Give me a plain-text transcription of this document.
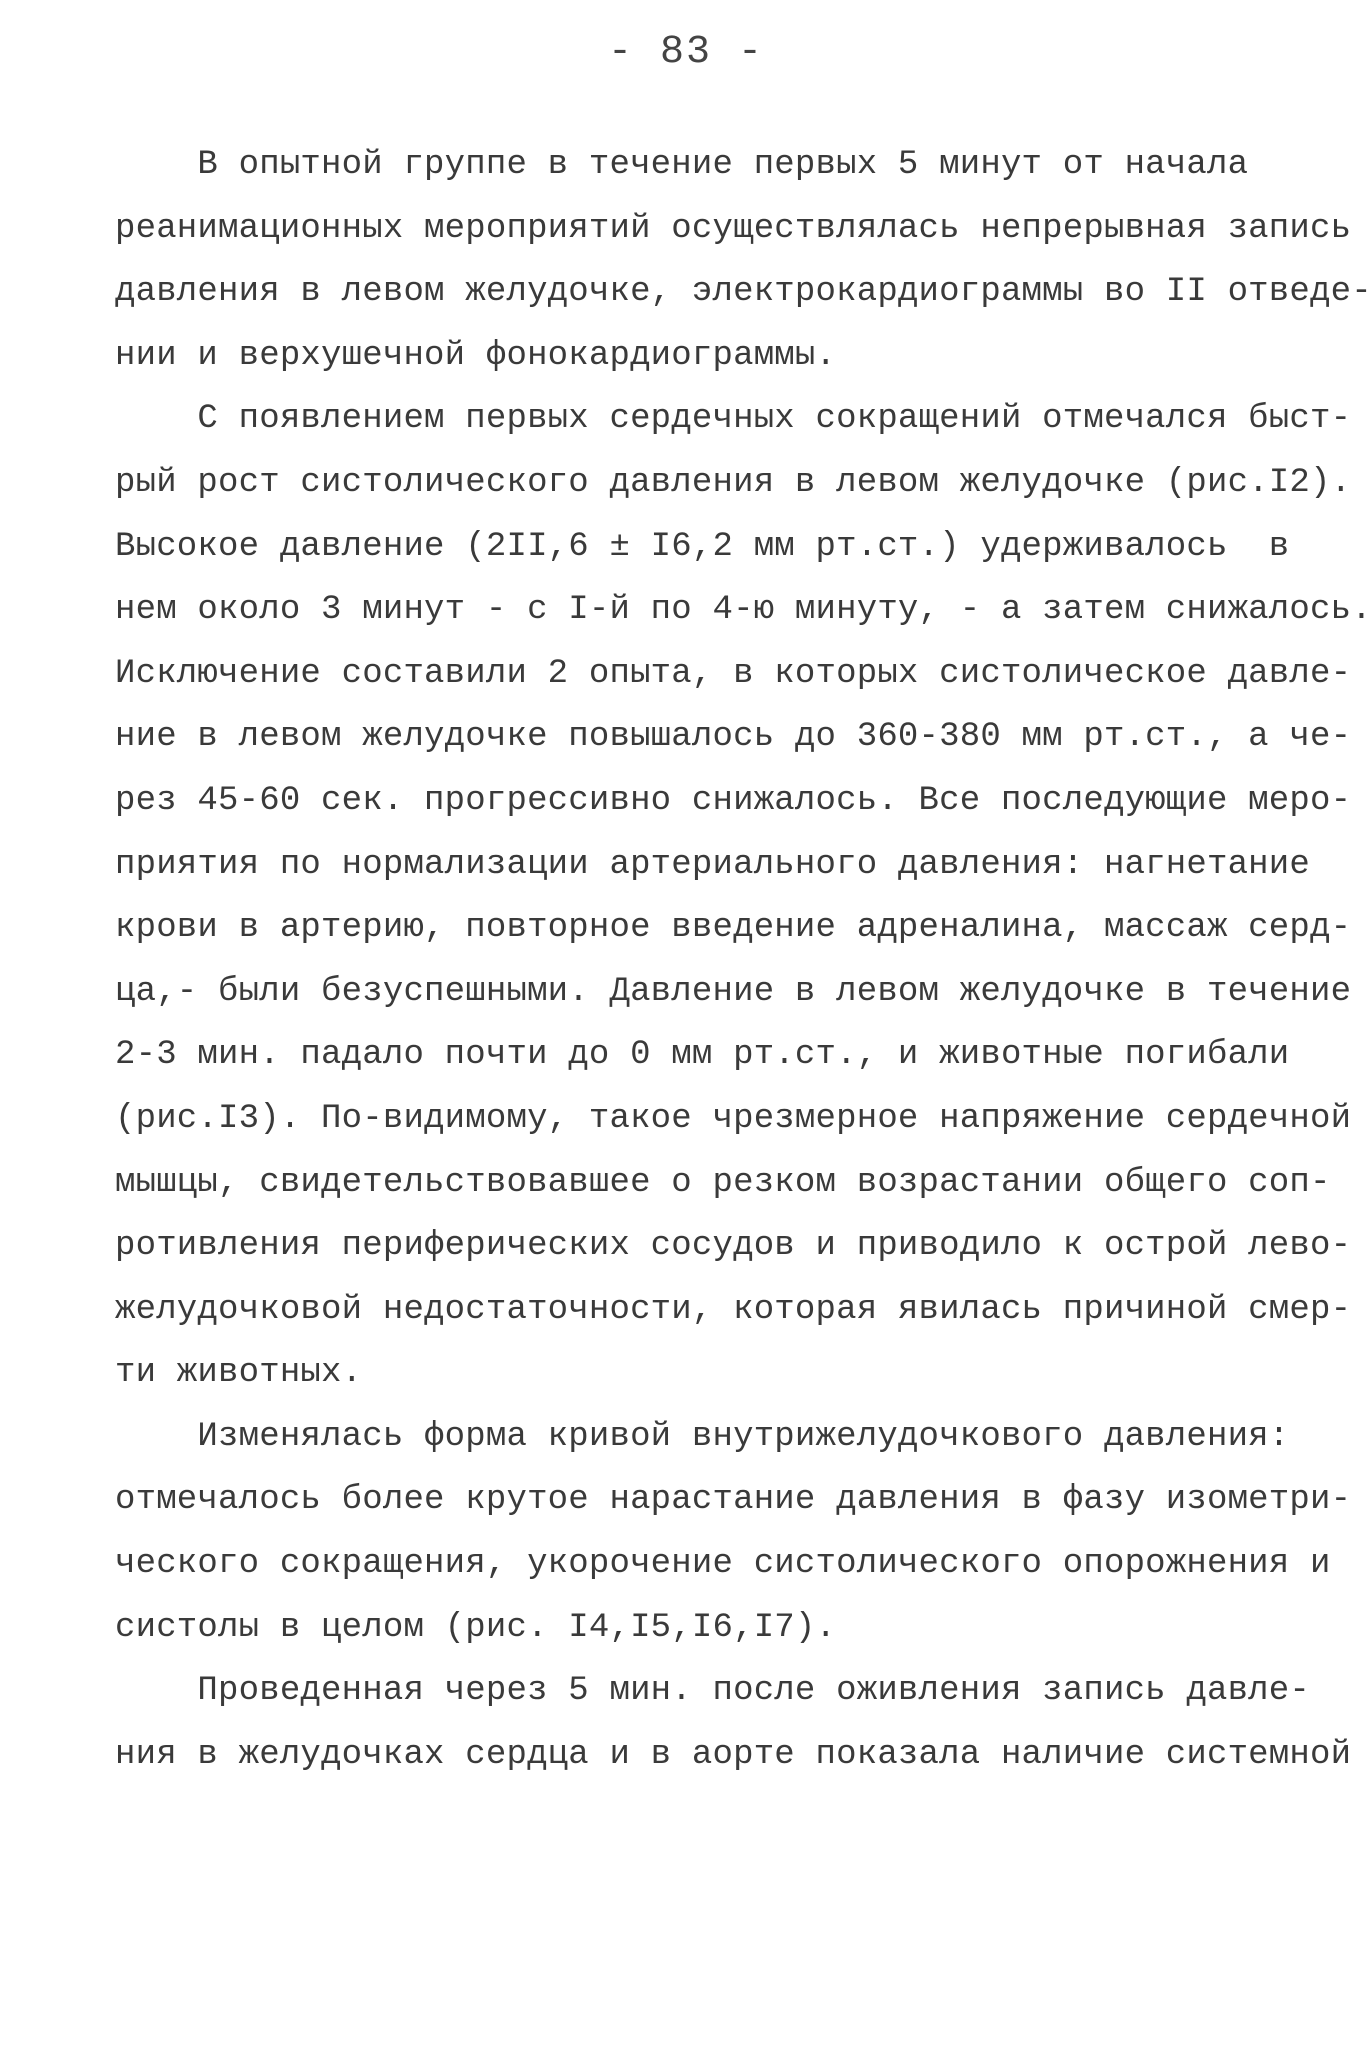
- 83 -
В опытной группе в течение первых 5 минут от начала
реанимационных мероприятий осуществлялась непрерывная запись
давления в левом желудочке, электрокардиограммы во II отведе-
нии и верхушечной фонокардиограммы.
С появлением первых сердечных сокращений отмечался быст-
рый рост систолического давления в левом желудочке (рис.I2).
Высокое давление (2II,6 ± I6,2 мм рт.ст.) удерживалось  в
нем около 3 минут - с I-й по 4-ю минуту, - а затем снижалось.
Исключение составили 2 опыта, в которых систолическое давле-
ние в левом желудочке повышалось до 360-380 мм рт.ст., а че-
рез 45-60 сек. прогрессивно снижалось. Все последующие меро-
приятия по нормализации артериального давления: нагнетание
крови в артерию, повторное введение адреналина, массаж серд-
ца,- были безуспешными. Давление в левом желудочке в течение
2-3 мин. падало почти до 0 мм рт.ст., и животные погибали
(рис.I3). По-видимому, такое чрезмерное напряжение сердечной
мышцы, свидетельствовавшее о резком возрастании общего соп-
ротивления периферических сосудов и приводило к острой лево-
желудочковой недостаточности, которая явилась причиной смер-
ти животных.
Изменялась форма кривой внутрижелудочкового давления:
отмечалось более крутое нарастание давления в фазу изометри-
ческого сокращения, укорочение систолического опорожнения и
систолы в целом (рис. I4,I5,I6,I7).
Проведенная через 5 мин. после оживления запись давле-
ния в желудочках сердца и в аорте показала наличие системной
